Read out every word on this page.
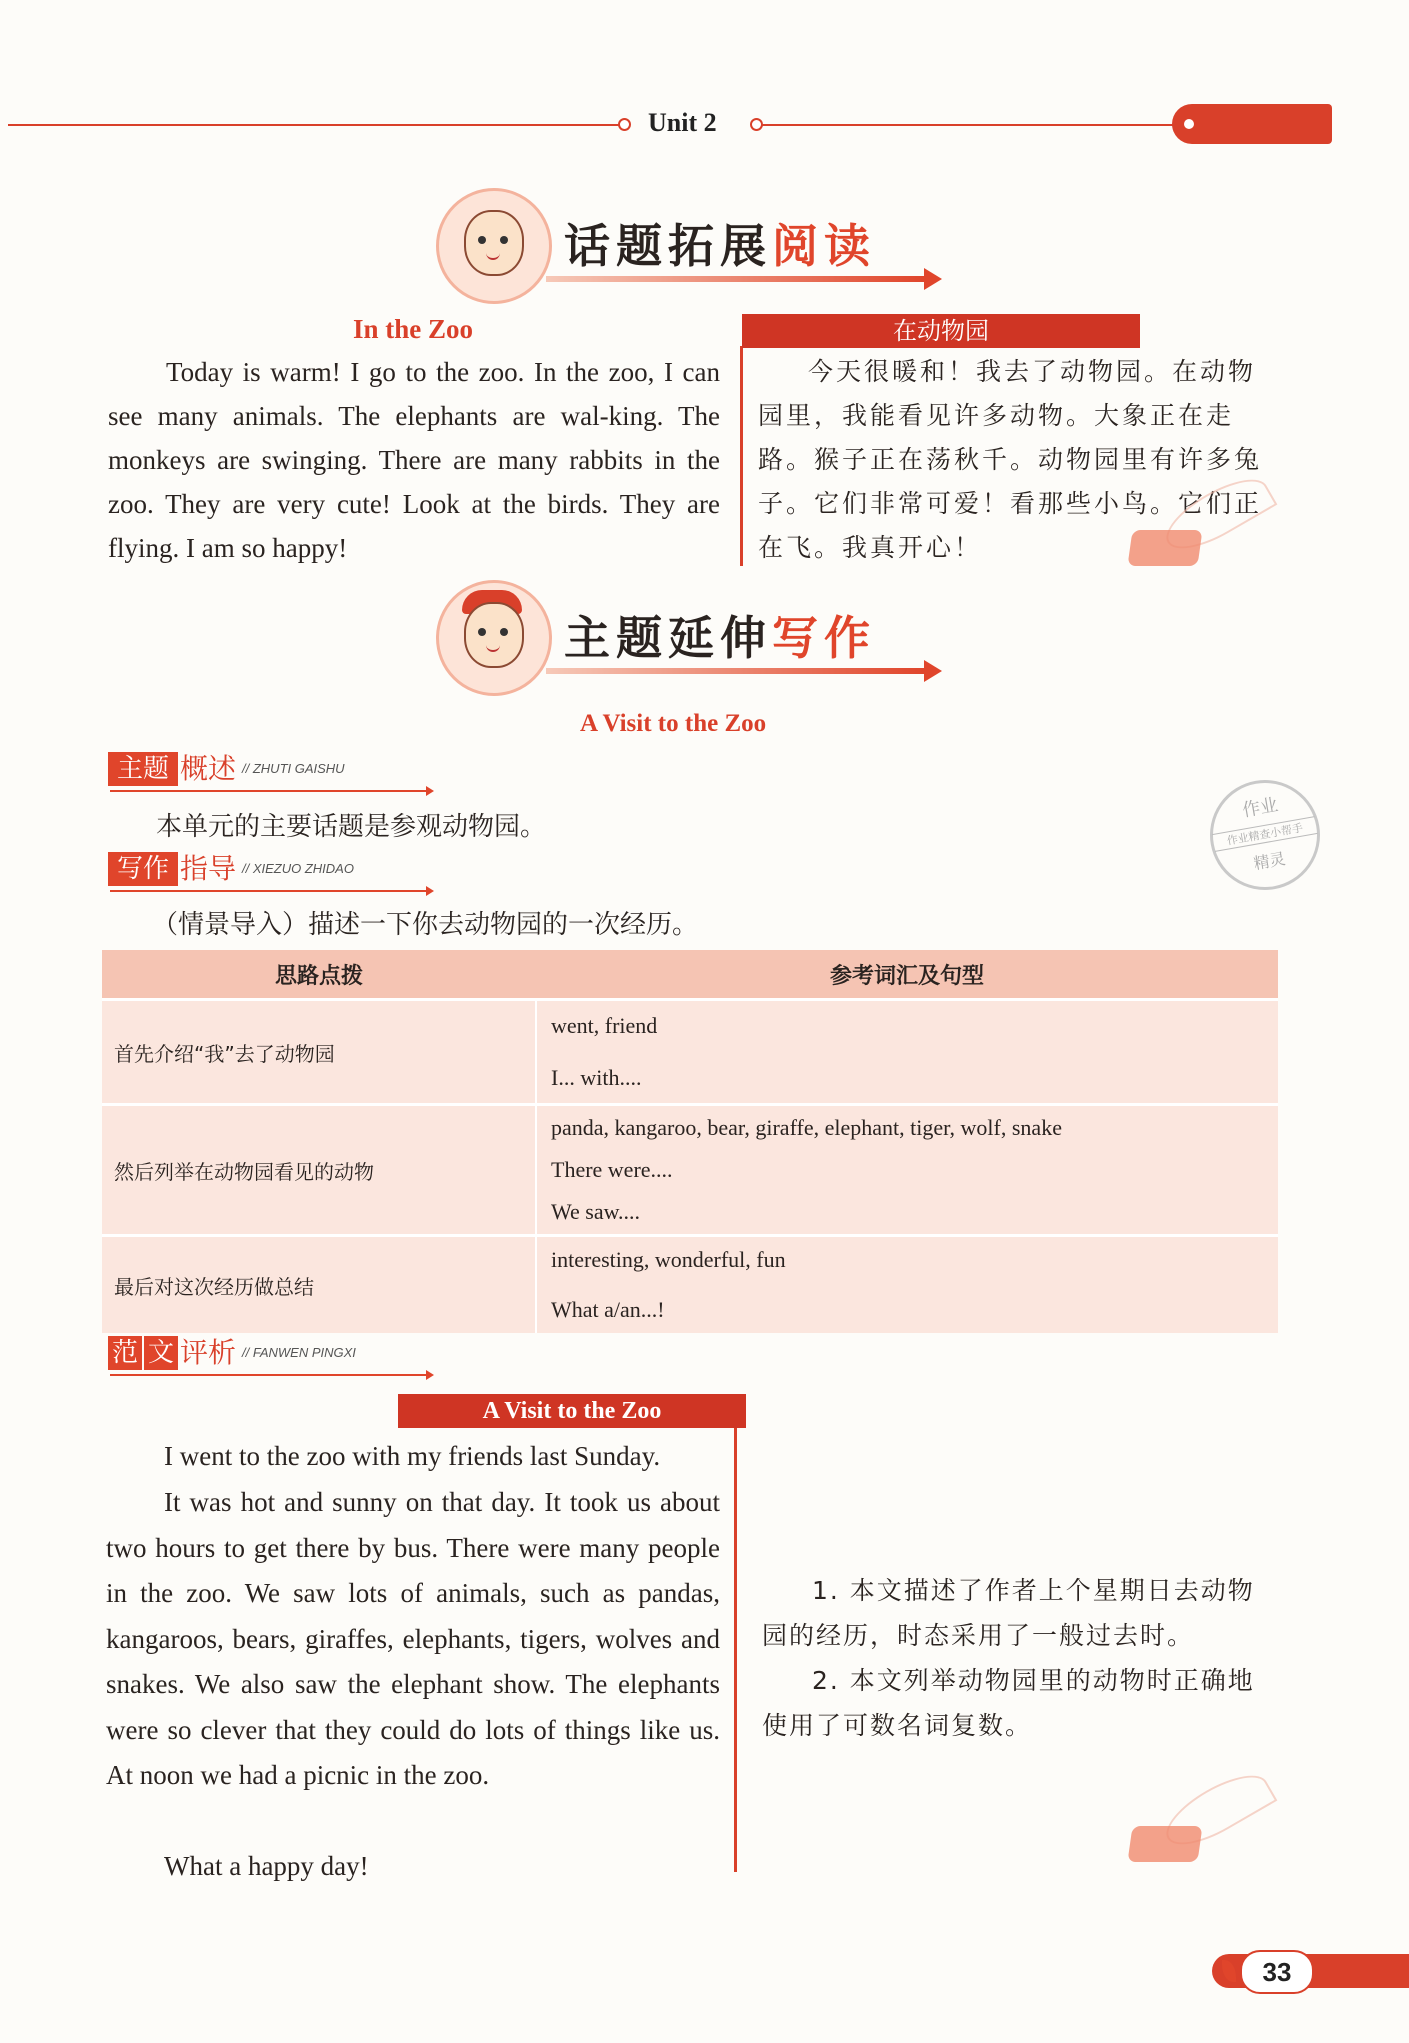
Unit 2
话题拓展阅读
In the Zoo
Today is warm! I go to the zoo. In the zoo, I can see many animals. The elephants are wal-king. The monkeys are swinging. There are many rabbits in the zoo. They are very cute! Look at the birds. They are flying. I am so happy!
在动物园
今天很暖和！我去了动物园。在动物园里，我能看见许多动物。大象正在走路。猴子正在荡秋千。动物园里有许多兔子。它们非常可爱！看那些小鸟。它们正在飞。我真开心！
主题延伸写作
A Visit to the Zoo
主题 概述 // ZHUTI GAISHU
本单元的主要话题是参观动物园。
写作 指导 // XIEZUO ZHIDAO
（情景导入）描述一下你去动物园的一次经历。
作业
作业精查小帮手
精灵
思路点拨	参考词汇及句型
首先介绍“我”去了动物园	went, friend
I... with....

然后列举在动物园看见的动物	panda, kangaroo, bear, giraffe, elephant, tiger, wolf, snake
There were....
We saw....

最后对这次经历做总结	interesting, wonderful, fun
What a/an...!
范 文 评析 // FANWEN PINGXI
A Visit to the Zoo
I went to the zoo with my friends last Sunday.
It was hot and sunny on that day. It took us about two hours to get there by bus. There were many people in the zoo. We saw lots of animals, such as pandas, kangaroos, bears, giraffes, elephants, tigers, wolves and snakes. We also saw the elephant show. The elephants were so clever that they could do lots of things like us. At noon we had a picnic in the zoo.
What a happy day!
1. 本文描述了作者上个星期日去动物园的经历，时态采用了一般过去时。
2. 本文列举动物园里的动物时正确地使用了可数名词复数。
33
